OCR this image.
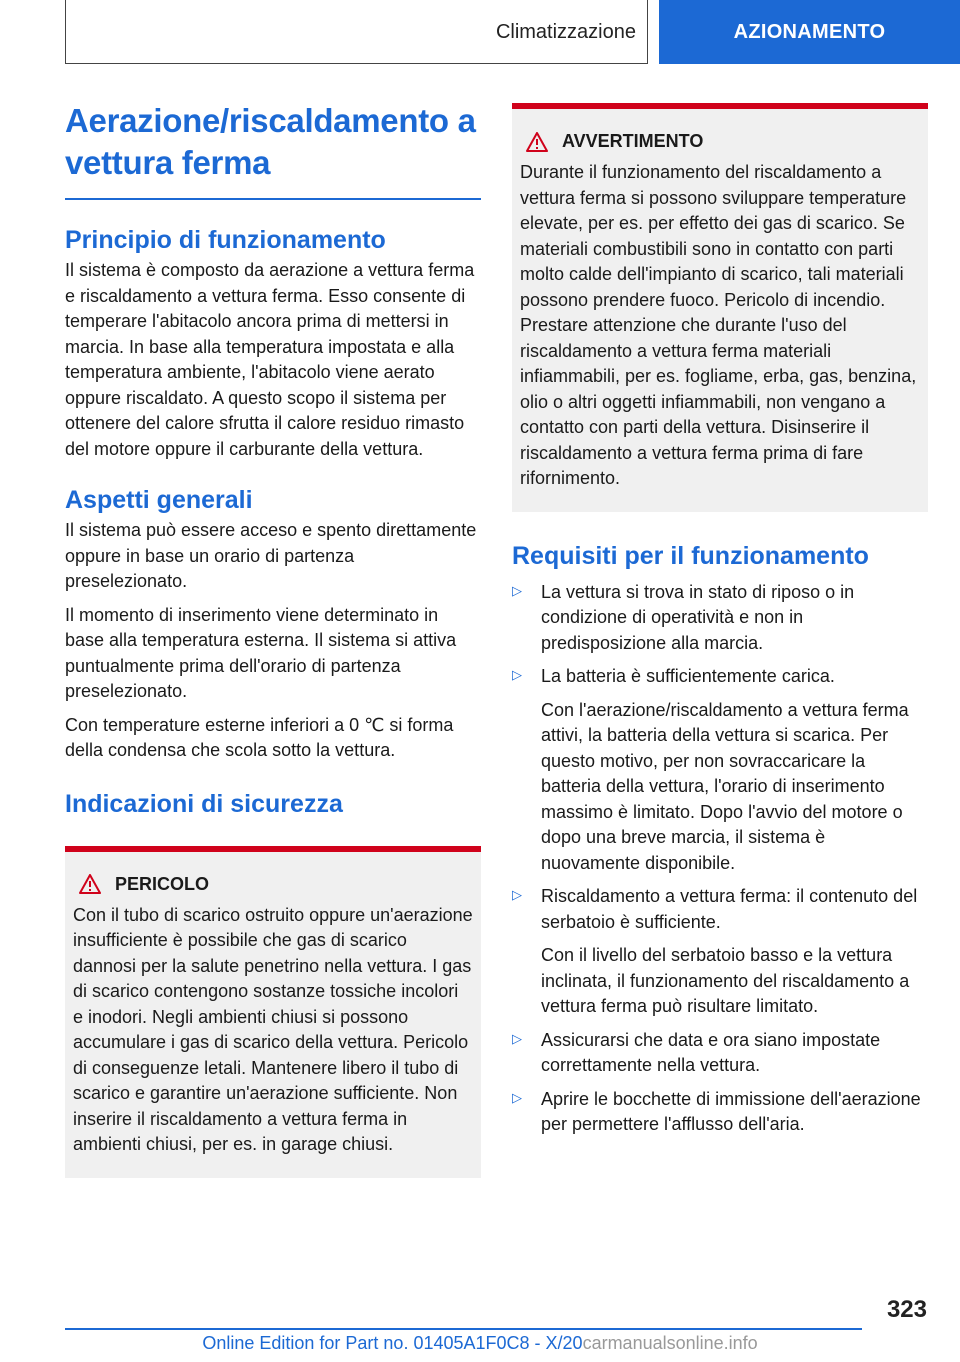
Climatizzazione	AZIONAMENTO
Aerazione/riscaldamento a vettura ferma
Principio di funzionamento

Il sistema è composto da aerazione a vettura ferma e riscaldamento a vettura ferma. Esso consente di temperare l'abitacolo ancora prima di mettersi in marcia. In base alla temperatura impostata e alla temperatura ambiente, l'abitacolo viene aerato oppure riscaldato. A questo scopo il sistema per ottenere del calore sfrutta il calore residuo rimasto del motore oppure il carburante della vettura.

Aspetti generali

Il sistema può essere acceso e spento direttamente oppure in base un orario di partenza preselezionato.

Il momento di inserimento viene determinato in base alla temperatura esterna. Il sistema si attiva puntualmente prima dell'orario di partenza preselezionato.

Con temperature esterne inferiori a 0 ℃ si forma della condensa che scola sotto la vettura.

Indicazioni di sicurezza
PERICOLO

Con il tubo di scarico ostruito oppure un'aerazione insufficiente è possibile che gas di scarico dannosi per la salute penetrino nella vettura. I gas di scarico contengono sostanze tossiche incolori e inodori. Negli ambienti chiusi si possono accumulare i gas di scarico della vettura. Pericolo di conseguenze letali. Mantenere libero il tubo di scarico e garantire un'aerazione sufficiente. Non inserire il riscaldamento a vettura ferma in ambienti chiusi, per es. in garage chiusi.

AVVERTIMENTO

Durante il funzionamento del riscaldamento a vettura ferma si possono sviluppare temperature elevate, per es. per effetto dei gas di scarico. Se materiali combustibili sono in contatto con parti molto calde dell'impianto di scarico, tali materiali possono prendere fuoco. Pericolo di incendio. Prestare attenzione che durante l'uso del riscaldamento a vettura ferma materiali infiammabili, per es. fogliame, erba, gas, benzina, olio o altri oggetti infiammabili, non vengano a contatto con parti della vettura. Disinserire il riscaldamento a vettura ferma prima di fare rifornimento.

Requisiti per il funzionamento
▷ La vettura si trova in stato di riposo o in condizione di operatività e non in predisposizione alla marcia.

▷ La batteria è sufficientemente carica.

Con l'aerazione/riscaldamento a vettura ferma attivi, la batteria della vettura si scarica. Per questo motivo, per non sovraccaricare la batteria della vettura, l'orario di inserimento massimo è limitato. Dopo l'avvio del motore o dopo una breve marcia, il sistema è nuovamente disponibile.

▷ Riscaldamento a vettura ferma: il contenuto del serbatoio è sufficiente.

Con il livello del serbatoio basso e la vettura inclinata, il funzionamento del riscaldamento a vettura ferma può risultare limitato.

▷ Assicurarsi che data e ora siano impostate correttamente nella vettura.

▷ Aprire le bocchette di immissione dell'aerazione per permettere l'afflusso dell'aria.

323
Online Edition for Part no. 01405A1F0C8 - X/20carmanualsonline.info
